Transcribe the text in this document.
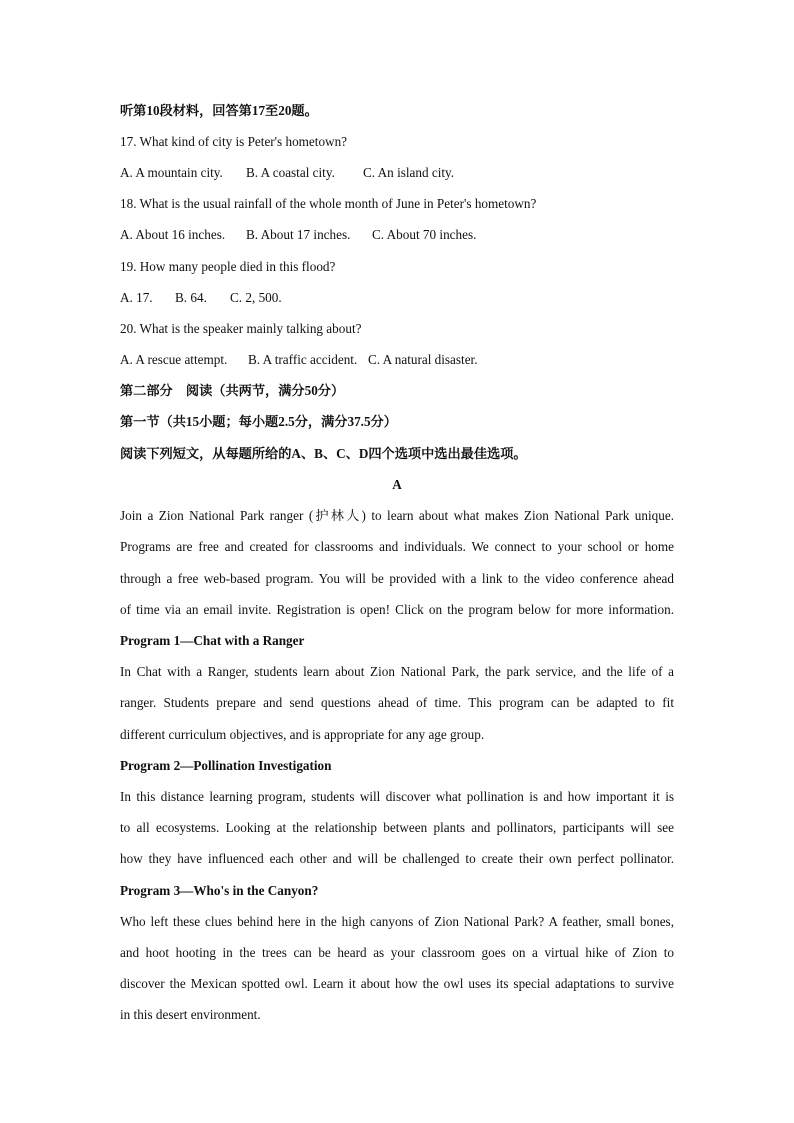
听第10段材料，回答第17至20题。
17. What kind of city is Peter's hometown?
A. A mountain city. B. A coastal city. C. An island city.
18. What is the usual rainfall of the whole month of June in Peter's hometown?
A. About 16 inches. B. About 17 inches. C. About 70 inches.
19. How many people died in this flood?
A. 17. B. 64. C. 2, 500.
20. What is the speaker mainly talking about?
A. A rescue attempt. B. A traffic accident. C. A natural disaster.
第二部分　阅读（共两节，满分50分）
第一节（共15小题；每小题2.5分，满分37.5分）
阅读下列短文，从每题所给的A、B、C、D四个选项中选出最佳选项。
A
Join a Zion National Park ranger (护林人) to learn about what makes Zion National Park unique.
Programs are free and created for classrooms and individuals. We connect to your school or home
through a free web-based program. You will be provided with a link to the video conference ahead
of time via an email invite. Registration is open! Click on the program below for more information.
Program 1—Chat with a Ranger
In Chat with a Ranger, students learn about Zion National Park, the park service, and the life of a
ranger. Students prepare and send questions ahead of time. This program can be adapted to fit
different curriculum objectives, and is appropriate for any age group.
Program 2—Pollination Investigation
In this distance learning program, students will discover what pollination is and how important it is
to all ecosystems. Looking at the relationship between plants and pollinators, participants will see
how they have influenced each other and will be challenged to create their own perfect pollinator.
Program 3—Who's in the Canyon?
Who left these clues behind here in the high canyons of Zion National Park? A feather, small bones,
and hoot hooting in the trees can be heard as your classroom goes on a virtual hike of Zion to
discover the Mexican spotted owl. Learn it about how the owl uses its special adaptations to survive
in this desert environment.
